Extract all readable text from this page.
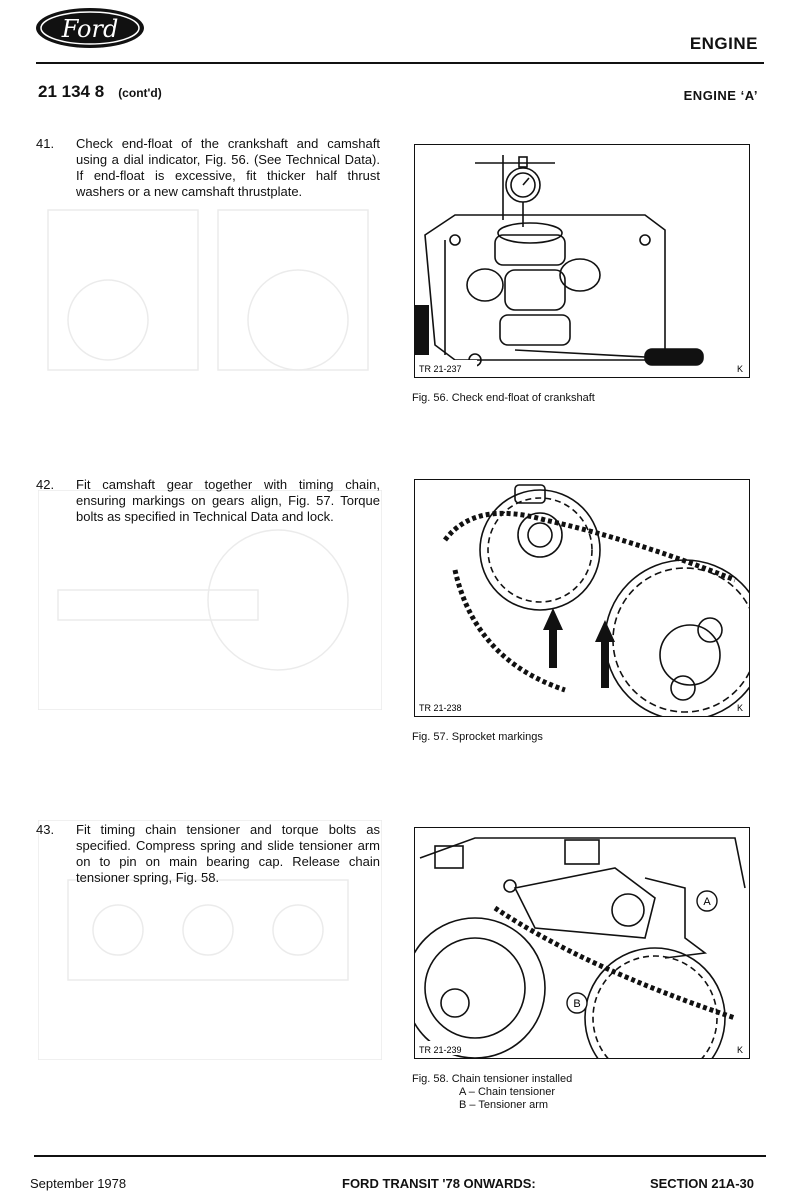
Ford
ENGINE
21 134 8 (cont'd)	ENGINE ‘A’
41. Check end-float of the crankshaft and camshaft using a dial indicator, Fig. 56. (See Technical Data). If end-float is excessive, fit thicker half thrust washers or a new camshaft thrustplate.
42. Fit camshaft gear together with timing chain, ensuring markings on gears align, Fig. 57. Torque bolts as specified in Technical Data and lock.
43. Fit timing chain tensioner and torque bolts as specified. Compress spring and slide tensioner arm on to pin on main bearing cap. Release chain tensioner spring, Fig. 58.
TR 21-237	K
Fig. 56. Check end-float of crankshaft
TR 21-238	K
Fig. 57. Sprocket markings
A
B
TR 21-239	K
Fig. 58. Chain tensioner installed
A – Chain tensioner
B – Tensioner arm
September 1978	FORD TRANSIT '78 ONWARDS:	SECTION 21A-30
